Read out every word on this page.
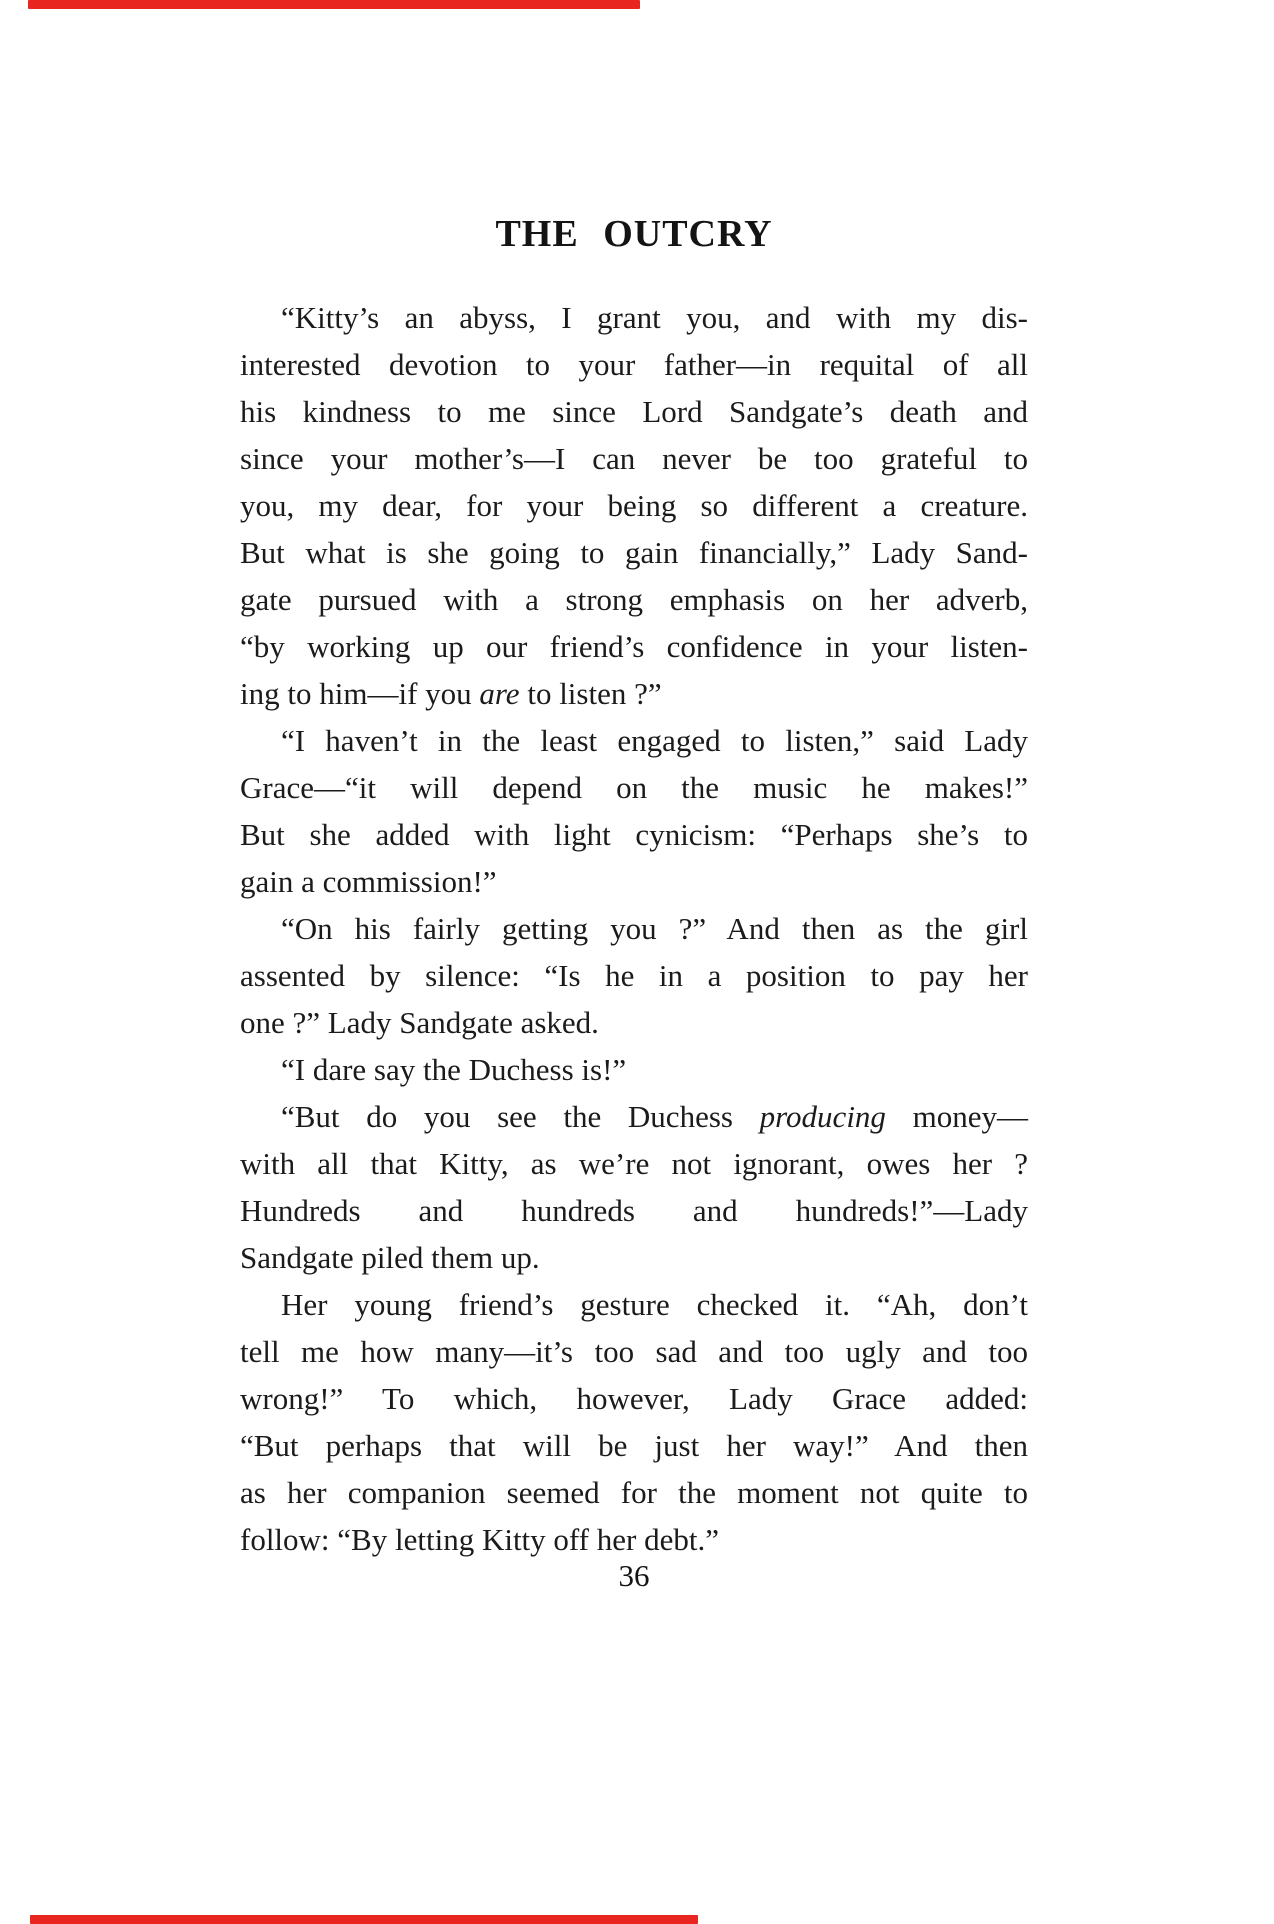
THE OUTCRY
“Kitty’s an abyss, I grant you, and with my dis-
interested devotion to your father—in requital of all
his kindness to me since Lord Sandgate’s death and
since your mother’s—I can never be too grateful to
you, my dear, for your being so different a creature.
But what is she going to gain financially,” Lady Sand-
gate pursued with a strong emphasis on her adverb,
“by working up our friend’s confidence in your listen-
ing to him—if you are to listen ?”
“I haven’t in the least engaged to listen,” said Lady
Grace—“it will depend on the music he makes!”
But she added with light cynicism: “Perhaps she’s to
gain a commission!”
“On his fairly getting you ?” And then as the girl
assented by silence: “Is he in a position to pay her
one ?” Lady Sandgate asked.
“I dare say the Duchess is!”
“But do you see the Duchess producing money—
with all that Kitty, as we’re not ignorant, owes her ?
Hundreds and hundreds and hundreds!”—Lady
Sandgate piled them up.
Her young friend’s gesture checked it. “Ah, don’t
tell me how many—it’s too sad and too ugly and too
wrong!” To which, however, Lady Grace added:
“But perhaps that will be just her way!” And then
as her companion seemed for the moment not quite to
follow: “By letting Kitty off her debt.”
36
